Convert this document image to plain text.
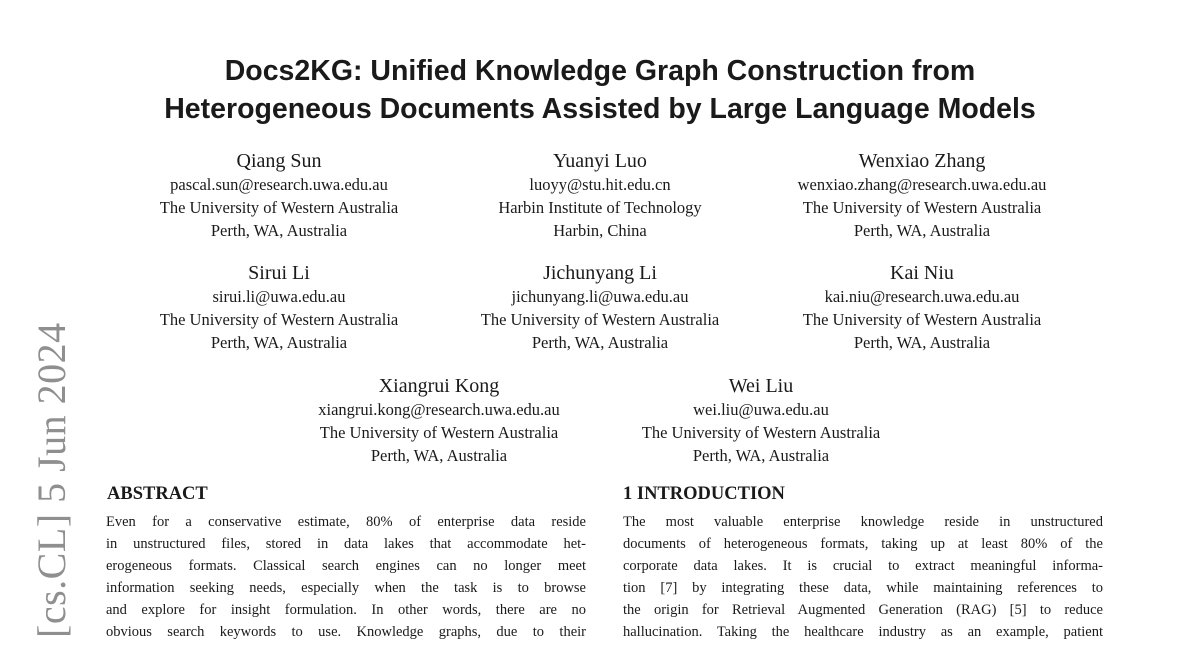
[cs.CL] 5 Jun 2024
Docs2KG: Unified Knowledge Graph Construction from
Heterogeneous Documents Assisted by Large Language Models
Qiang Sun
pascal.sun@research.uwa.edu.au
The University of Western Australia
Perth, WA, Australia
Yuanyi Luo
luoyy@stu.hit.edu.cn
Harbin Institute of Technology
Harbin, China
Wenxiao Zhang
wenxiao.zhang@research.uwa.edu.au
The University of Western Australia
Perth, WA, Australia
Sirui Li
sirui.li@uwa.edu.au
The University of Western Australia
Perth, WA, Australia
Jichunyang Li
jichunyang.li@uwa.edu.au
The University of Western Australia
Perth, WA, Australia
Kai Niu
kai.niu@research.uwa.edu.au
The University of Western Australia
Perth, WA, Australia
Xiangrui Kong
xiangrui.kong@research.uwa.edu.au
The University of Western Australia
Perth, WA, Australia
Wei Liu
wei.liu@uwa.edu.au
The University of Western Australia
Perth, WA, Australia
ABSTRACT
Even for a conservative estimate, 80% of enterprise data reside
in unstructured files, stored in data lakes that accommodate het-
erogeneous formats. Classical search engines can no longer meet
information seeking needs, especially when the task is to browse
and explore for insight formulation. In other words, there are no
obvious search keywords to use. Knowledge graphs, due to their
1 INTRODUCTION
The most valuable enterprise knowledge reside in unstructured
documents of heterogeneous formats, taking up at least 80% of the
corporate data lakes. It is crucial to extract meaningful informa-
tion [7] by integrating these data, while maintaining references to
the origin for Retrieval Augmented Generation (RAG) [5] to reduce
hallucination. Taking the healthcare industry as an example, patient
